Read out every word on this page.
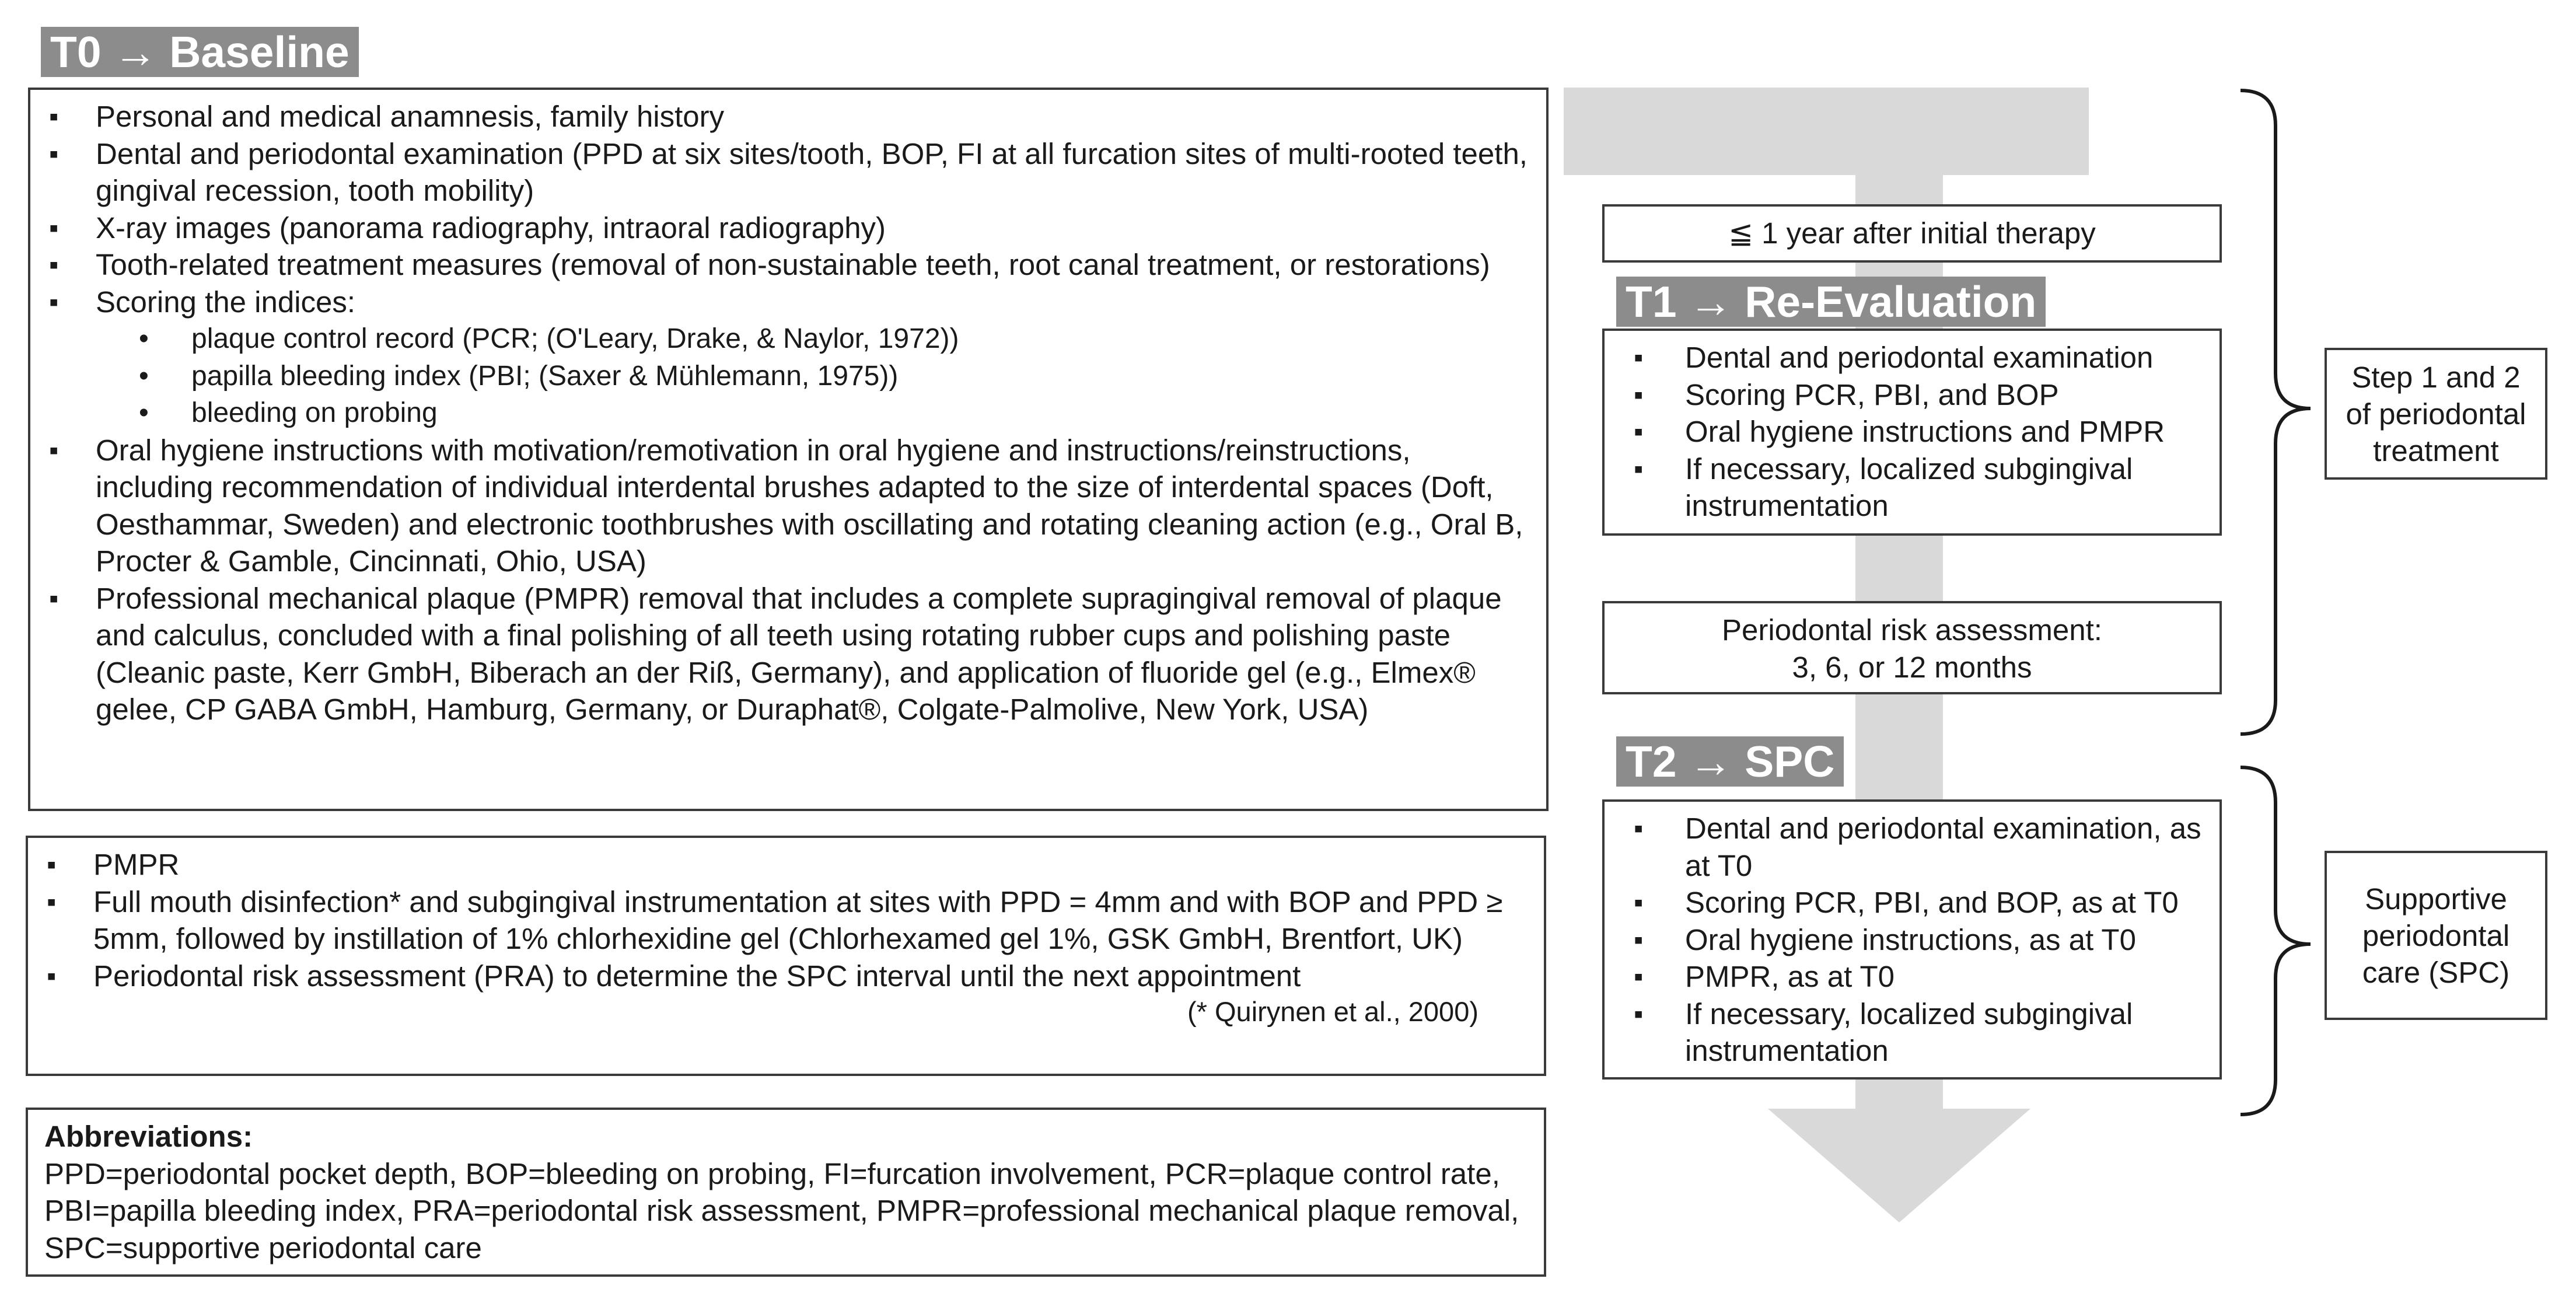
T0 → Baseline
▪ Personal and medical anamnesis, family history
▪ Dental and periodontal examination (PPD at six sites/tooth, BOP, FI at all furcation sites of multi-rooted teeth,
gingival recession, tooth mobility)
▪ X-ray images (panorama radiography, intraoral radiography)
▪ Tooth-related treatment measures (removal of non-sustainable teeth, root canal treatment, or restorations)
▪ Scoring the indices:
• plaque control record (PCR; (O'Leary, Drake, & Naylor, 1972))
• papilla bleeding index (PBI; (Saxer & Mühlemann, 1975))
• bleeding on probing
▪ Oral hygiene instructions with motivation/remotivation in oral hygiene and instructions/reinstructions, including recommendation of individual interdental brushes adapted to the size of interdental spaces (Doft, Oesthammar, Sweden) and electronic toothbrushes with oscillating and rotating cleaning action (e.g., Oral B, Procter & Gamble, Cincinnati, Ohio, USA)
▪ Professional mechanical plaque (PMPR) removal that includes a complete supragingival removal of plaque and calculus, concluded with a final polishing of all teeth using rotating rubber cups and polishing paste (Cleanic paste, Kerr GmbH, Biberach an der Riß, Germany), and application of fluoride gel (e.g., Elmex® gelee, CP GABA GmbH, Hamburg, Germany, or Duraphat®, Colgate-Palmolive, New York, USA)
▪ PMPR
▪ Full mouth disinfection* and subgingival instrumentation at sites with PPD = 4mm and with BOP and PPD ≥ 5mm, followed by instillation of 1% chlorhexidine gel (Chlorhexamed gel 1%, GSK GmbH, Brentfort, UK)
▪ Periodontal risk assessment (PRA) to determine the SPC interval until the next appointment
(* Quirynen et al., 2000)
Abbreviations:
PPD=periodontal pocket depth, BOP=bleeding on probing, FI=furcation involvement, PCR=plaque control rate, PBI=papilla bleeding index, PRA=periodontal risk assessment, PMPR=professional mechanical plaque removal, SPC=supportive periodontal care
≦ 1 year after initial therapy
T1 → Re-Evaluation
▪ Dental and periodontal examination
▪ Scoring PCR, PBI, and BOP
▪ Oral hygiene instructions and PMPR
▪ If necessary, localized subgingival instrumentation
Periodontal risk assessment:
3, 6, or 12 months
T2 → SPC
▪ Dental and periodontal examination, as at T0
▪ Scoring PCR, PBI, and BOP, as at T0
▪ Oral hygiene instructions, as at T0
▪ PMPR, as at T0
▪ If necessary, localized subgingival instrumentation
Step 1 and 2 of periodontal treatment
Supportive periodontal care (SPC)
